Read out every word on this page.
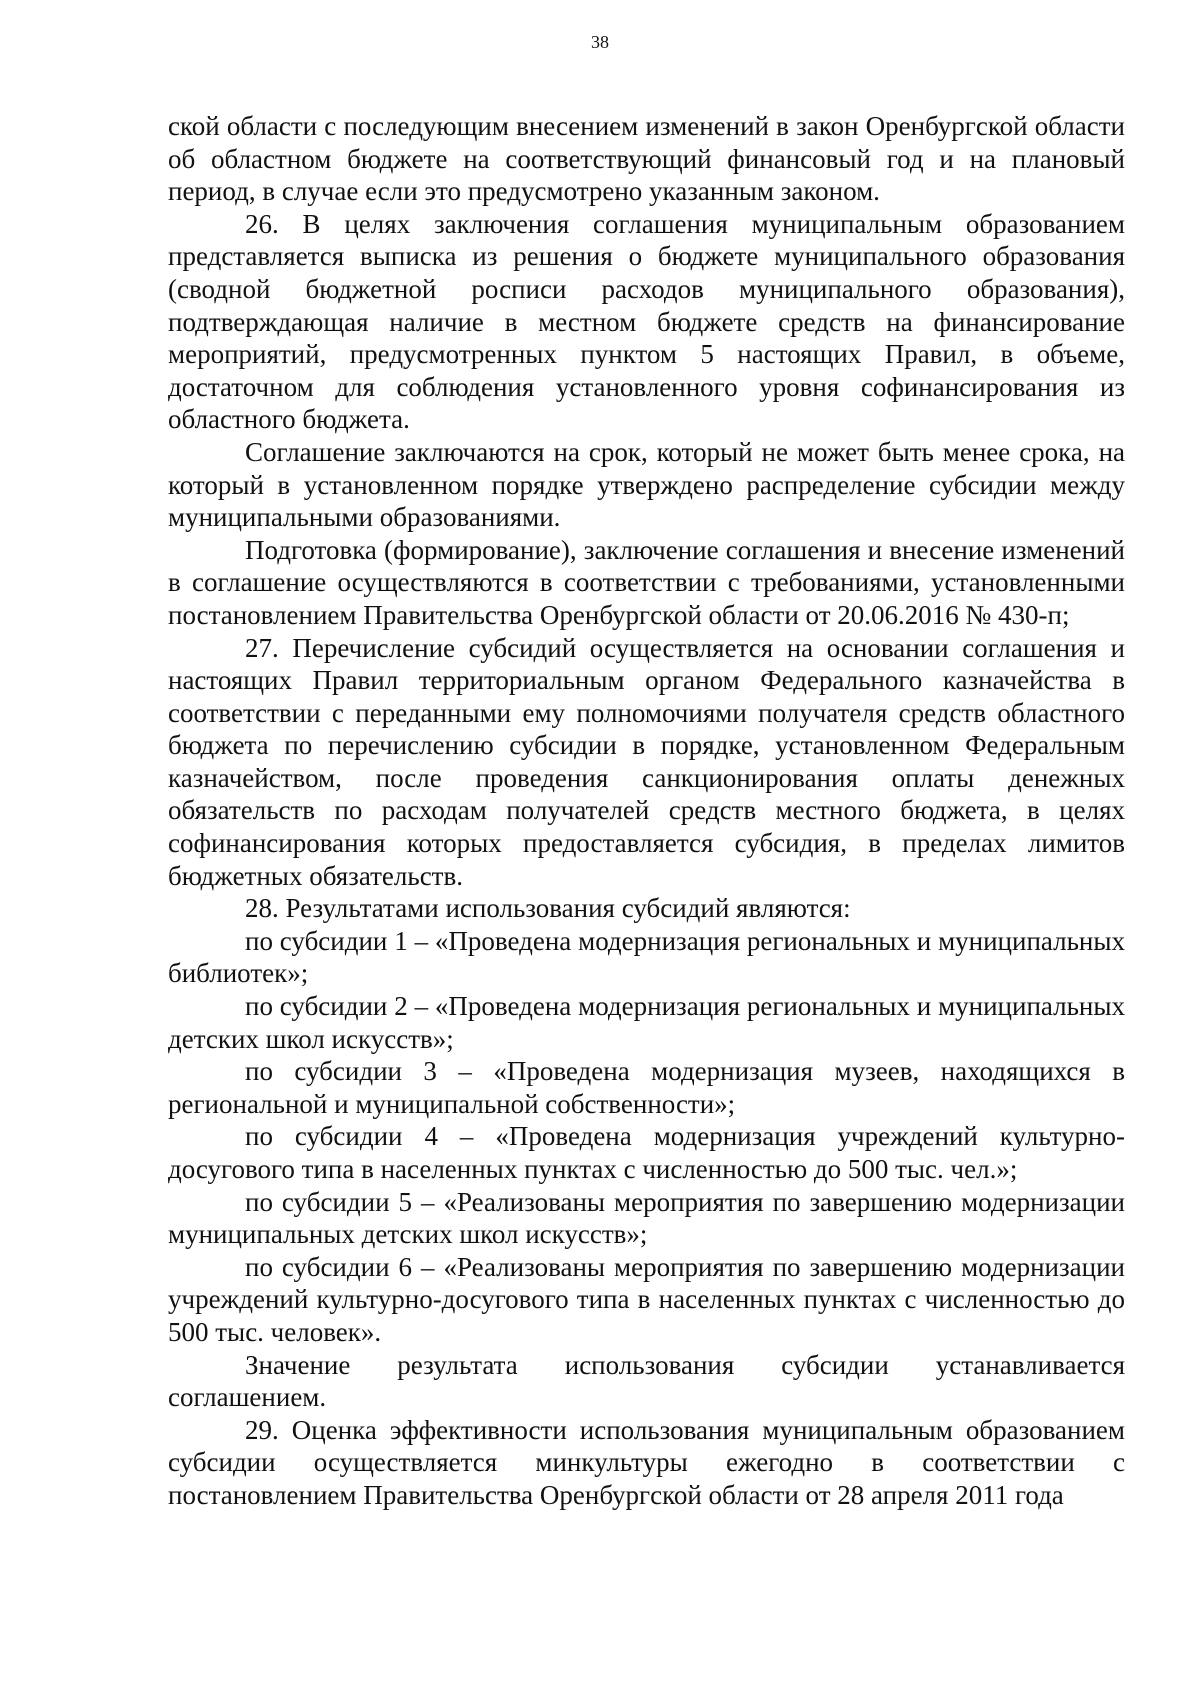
38

ской области с последующим внесением изменений в закон Оренбургской области об областном бюджете на соответствующий финансовый год и на плановый период, в случае если это предусмотрено указанным законом.

26. В целях заключения соглашения муниципальным образованием представляется выписка из решения о бюджете муниципального образования (сводной бюджетной росписи расходов муниципального образования), подтверждающая наличие в местном бюджете средств на финансирование мероприятий, предусмотренных пунктом 5 настоящих Правил, в объеме, достаточном для соблюдения установленного уровня софинансирования из областного бюджета.

Соглашение заключаются на срок, который не может быть менее срока, на который в установленном порядке утверждено распределение субсидии между муниципальными образованиями.

Подготовка (формирование), заключение соглашения и внесение изменений в соглашение осуществляются в соответствии с требованиями, установленными постановлением Правительства Оренбургской области от 20.06.2016 № 430-п;

27. Перечисление субсидий осуществляется на основании соглашения и настоящих Правил территориальным органом Федерального казначейства в соответствии с переданными ему полномочиями получателя средств областного бюджета по перечислению субсидии в порядке, установленном Федеральным казначейством, после проведения санкционирования оплаты денежных обязательств по расходам получателей средств местного бюджета, в целях софинансирования которых предоставляется субсидия, в пределах лимитов бюджетных обязательств.

28. Результатами использования субсидий являются:

по субсидии 1 – «Проведена модернизация региональных и муниципальных библиотек»;

по субсидии 2 – «Проведена модернизация региональных и муниципальных детских школ искусств»;

по субсидии 3 – «Проведена модернизация музеев, находящихся в региональной и муниципальной собственности»;

по субсидии 4 – «Проведена модернизация учреждений культурно-досугового типа в населенных пунктах с численностью до 500 тыс. чел.»;

по субсидии 5 – «Реализованы мероприятия по завершению модернизации муниципальных детских школ искусств»;

по субсидии 6 – «Реализованы мероприятия по завершению модернизации учреждений культурно-досугового типа в населенных пунктах с численностью до 500 тыс. человек».

Значение результата использования субсидии устанавливается соглашением.

29. Оценка эффективности использования муниципальным образованием субсидии осуществляется минкультуры ежегодно в соответствии с постановлением Правительства Оренбургской области от 28 апреля 2011 года
